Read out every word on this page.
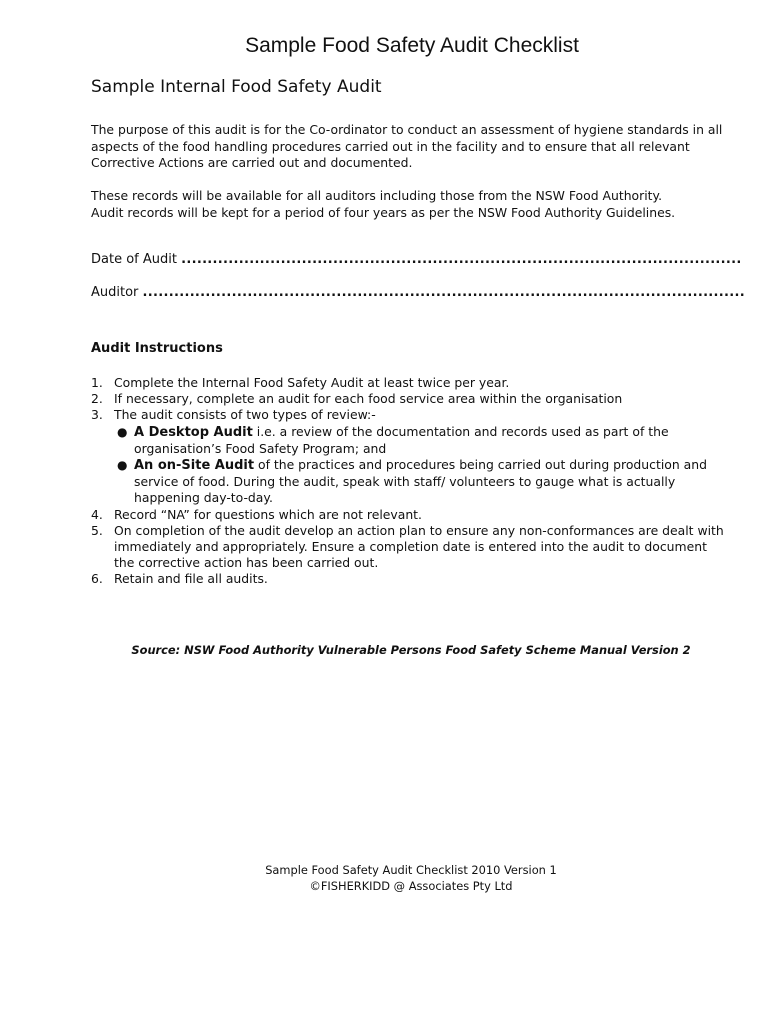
Sample Food Safety Audit Checklist
Sample Internal Food Safety Audit
The purpose of this audit is for the Co-ordinator to conduct an assessment of hygiene standards in all
aspects of the food handling procedures carried out in the facility and to ensure that all relevant
Corrective Actions are carried out and documented.
These records will be available for all auditors including those from the NSW Food Authority.
Audit records will be kept for a period of four years as per the NSW Food Authority Guidelines.
Date of Audit ...........................................................................................................
Auditor ...................................................................................................................
Audit Instructions
1. Complete the Internal Food Safety Audit at least twice per year.
2. If necessary, complete an audit for each food service area within the organisation
3. The audit consists of two types of review:-
● A Desktop Audit i.e. a review of the documentation and records used as part of the
organisation’s Food Safety Program; and
● An on-Site Audit of the practices and procedures being carried out during production and
service of food. During the audit, speak with staff/ volunteers to gauge what is actually
happening day-to-day.
4. Record “NA” for questions which are not relevant.
5. On completion of the audit develop an action plan to ensure any non-conformances are dealt with
immediately and appropriately. Ensure a completion date is entered into the audit to document
the corrective action has been carried out.
6. Retain and file all audits.
Source: NSW Food Authority Vulnerable Persons Food Safety Scheme Manual Version 2
Sample Food Safety Audit Checklist 2010 Version 1
©FISHERKIDD @ Associates Pty Ltd
